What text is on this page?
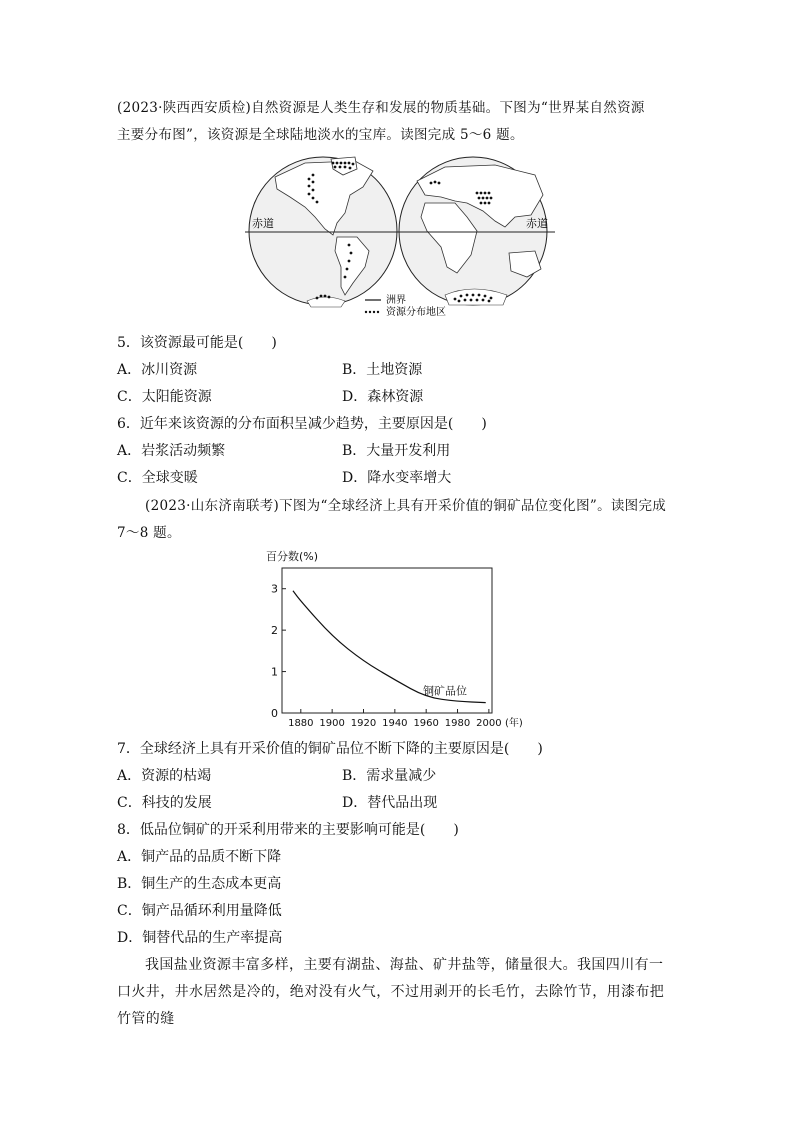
(2023·陕西西安质检)自然资源是人类生存和发展的物质基础。下图为“世界某自然资源
主要分布图”，该资源是全球陆地淡水的宝库。读图完成 5～6 题。
赤道	赤道
洲界
资源分布地区
5．该资源最可能是(　　)
A．冰川资源	B．土地资源
C．太阳能资源	D．森林资源
6．近年来该资源的分布面积呈减少趋势，主要原因是(　　)
A．岩浆活动频繁	B．大量开发利用
C．全球变暖	D．降水变率增大
(2023·山东济南联考)下图为“全球经济上具有开采价值的铜矿品位变化图”。读图完成
7～8 题。
百分数(%)
0
1
2
3
1880 1900 1920 1940 1960 1980 2000 (年)
铜矿品位
7．全球经济上具有开采价值的铜矿品位不断下降的主要原因是(　　)
A．资源的枯竭	B．需求量减少
C．科技的发展	D．替代品出现
8．低品位铜矿的开采利用带来的主要影响可能是(　　)
A．铜产品的品质不断下降
B．铜生产的生态成本更高
C．铜产品循环利用量降低
D．铜替代品的生产率提高
我国盐业资源丰富多样，主要有湖盐、海盐、矿井盐等，储量很大。我国四川有一口火井，井水居然是冷的，绝对没有火气，不过用剥开的长毛竹，去除竹节，用漆布把竹管的缝
